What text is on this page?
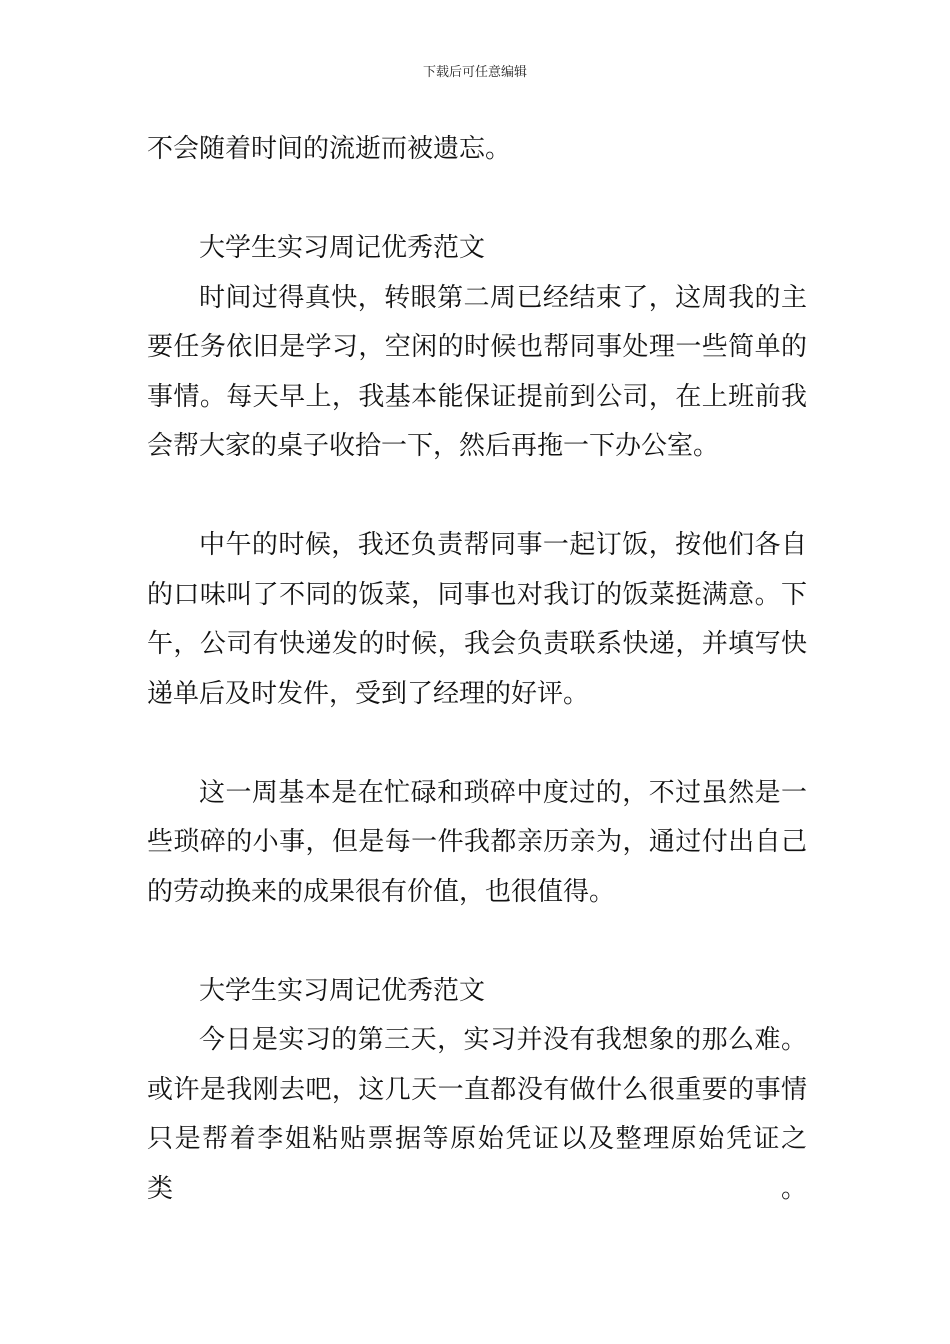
下载后可任意编辑
不会随着时间的流逝而被遗忘。
大学生实习周记优秀范文
时间过得真快，转眼第二周已经结束了，这周我的主
要任务依旧是学习，空闲的时候也帮同事处理一些简单的
事情。每天早上，我基本能保证提前到公司，在上班前我
会帮大家的桌子收拾一下，然后再拖一下办公室。
中午的时候，我还负责帮同事一起订饭，按他们各自
的口味叫了不同的饭菜，同事也对我订的饭菜挺满意。下
午，公司有快递发的时候，我会负责联系快递，并填写快
递单后及时发件，受到了经理的好评。
这一周基本是在忙碌和琐碎中度过的，不过虽然是一
些琐碎的小事，但是每一件我都亲历亲为，通过付出自己
的劳动换来的成果很有价值，也很值得。
大学生实习周记优秀范文
今日是实习的第三天，实习并没有我想象的那么难。
或许是我刚去吧，这几天一直都没有做什么很重要的事情
只是帮着李姐粘贴票据等原始凭证以及整理原始凭证之类。
